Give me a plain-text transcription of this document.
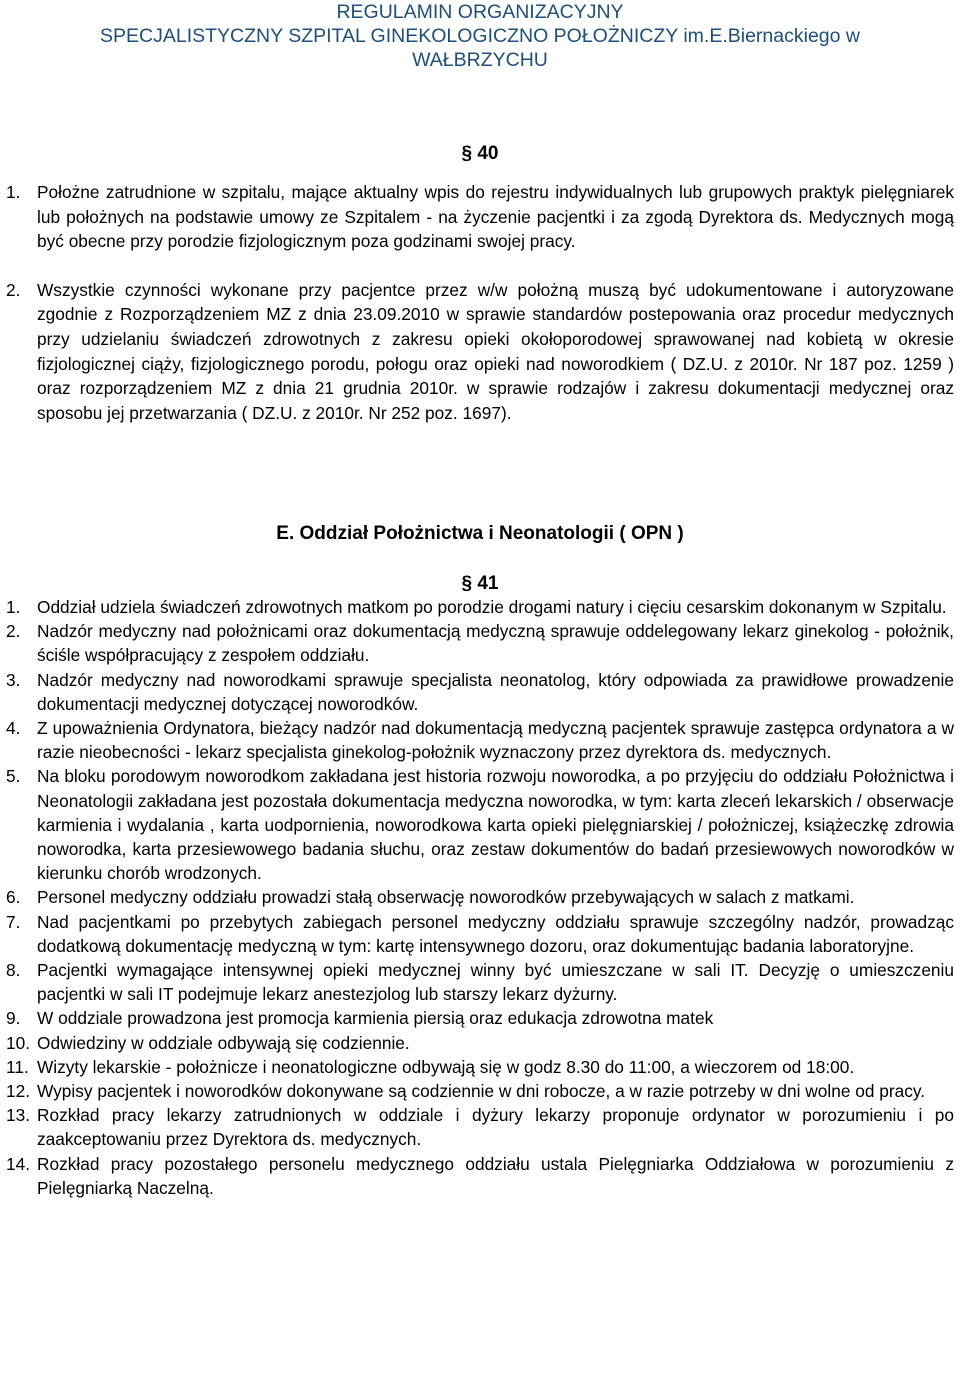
REGULAMIN ORGANIZACYJNY
SPECJALISTYCZNY SZPITAL GINEKOLOGICZNO POŁOŻNICZY im.E.Biernackiego w
WAŁBRZYCHU
§ 40
1. Położne zatrudnione w szpitalu, mające aktualny wpis do rejestru indywidualnych lub grupowych praktyk pielęgniarek lub położnych na podstawie umowy ze Szpitalem - na życzenie pacjentki i za zgodą Dyrektora ds. Medycznych mogą być obecne przy porodzie fizjologicznym poza godzinami swojej pracy.
2. Wszystkie czynności wykonane przy pacjentce przez w/w położną muszą być udokumentowane i autoryzowane zgodnie z Rozporządzeniem MZ z dnia 23.09.2010 w sprawie standardów postepowania oraz procedur medycznych przy udzielaniu świadczeń zdrowotnych z zakresu opieki okołoporodowej sprawowanej nad kobietą w okresie fizjologicznej ciąży, fizjologicznego porodu, połogu oraz opieki nad noworodkiem ( DZ.U. z 2010r. Nr 187 poz. 1259 ) oraz rozporządzeniem MZ z dnia 21 grudnia 2010r. w sprawie rodzajów i zakresu dokumentacji medycznej oraz sposobu jej przetwarzania ( DZ.U. z 2010r. Nr 252 poz. 1697).
E. Oddział Położnictwa i Neonatologii ( OPN )
§ 41
1. Oddział udziela świadczeń zdrowotnych matkom po porodzie drogami natury i cięciu cesarskim dokonanym w Szpitalu.
2. Nadzór medyczny nad położnicami oraz dokumentacją medyczną sprawuje oddelegowany lekarz ginekolog - położnik, ściśle współpracujący z zespołem oddziału.
3. Nadzór medyczny nad noworodkami sprawuje specjalista neonatolog, który odpowiada za prawidłowe prowadzenie dokumentacji medycznej dotyczącej noworodków.
4. Z upoważnienia Ordynatora, bieżący nadzór nad dokumentacją medyczną pacjentek sprawuje zastępca ordynatora a w razie nieobecności - lekarz specjalista ginekolog-położnik wyznaczony przez dyrektora ds. medycznych.
5. Na bloku porodowym noworodkom zakładana jest historia rozwoju noworodka, a po przyjęciu do oddziału Położnictwa i Neonatologii zakładana jest pozostała dokumentacja medyczna noworodka, w tym: karta zleceń lekarskich / obserwacje karmienia i wydalania , karta uodpornienia, noworodkowa karta opieki pielęgniarskiej / położniczej, książeczkę zdrowia noworodka, karta przesiewowego badania słuchu, oraz zestaw dokumentów do badań przesiewowych noworodków w kierunku chorób wrodzonych.
6. Personel medyczny oddziału prowadzi stałą obserwację noworodków przebywających w salach z matkami.
7. Nad pacjentkami po przebytych zabiegach personel medyczny oddziału sprawuje szczególny nadzór, prowadząc dodatkową dokumentację medyczną w tym: kartę intensywnego dozoru, oraz dokumentując badania laboratoryjne.
8. Pacjentki wymagające intensywnej opieki medycznej winny być umieszczane w sali IT. Decyzję o umieszczeniu pacjentki w sali IT podejmuje lekarz anestezjolog lub starszy lekarz dyżurny.
9. W oddziale prowadzona jest promocja karmienia piersią oraz edukacja zdrowotna matek
10. Odwiedziny w oddziale odbywają się codziennie.
11. Wizyty lekarskie - położnicze i neonatologiczne odbywają się w godz 8.30 do 11:00, a wieczorem od 18:00.
12. Wypisy pacjentek i noworodków dokonywane są codziennie w dni robocze, a w razie potrzeby w dni wolne od pracy.
13. Rozkład pracy lekarzy zatrudnionych w oddziale i dyżury lekarzy proponuje ordynator w porozumieniu i po zaakceptowaniu przez Dyrektora ds. medycznych.
14. Rozkład pracy pozostałego personelu medycznego oddziału ustala Pielęgniarka Oddziałowa w porozumieniu z Pielęgniarką Naczelną.
